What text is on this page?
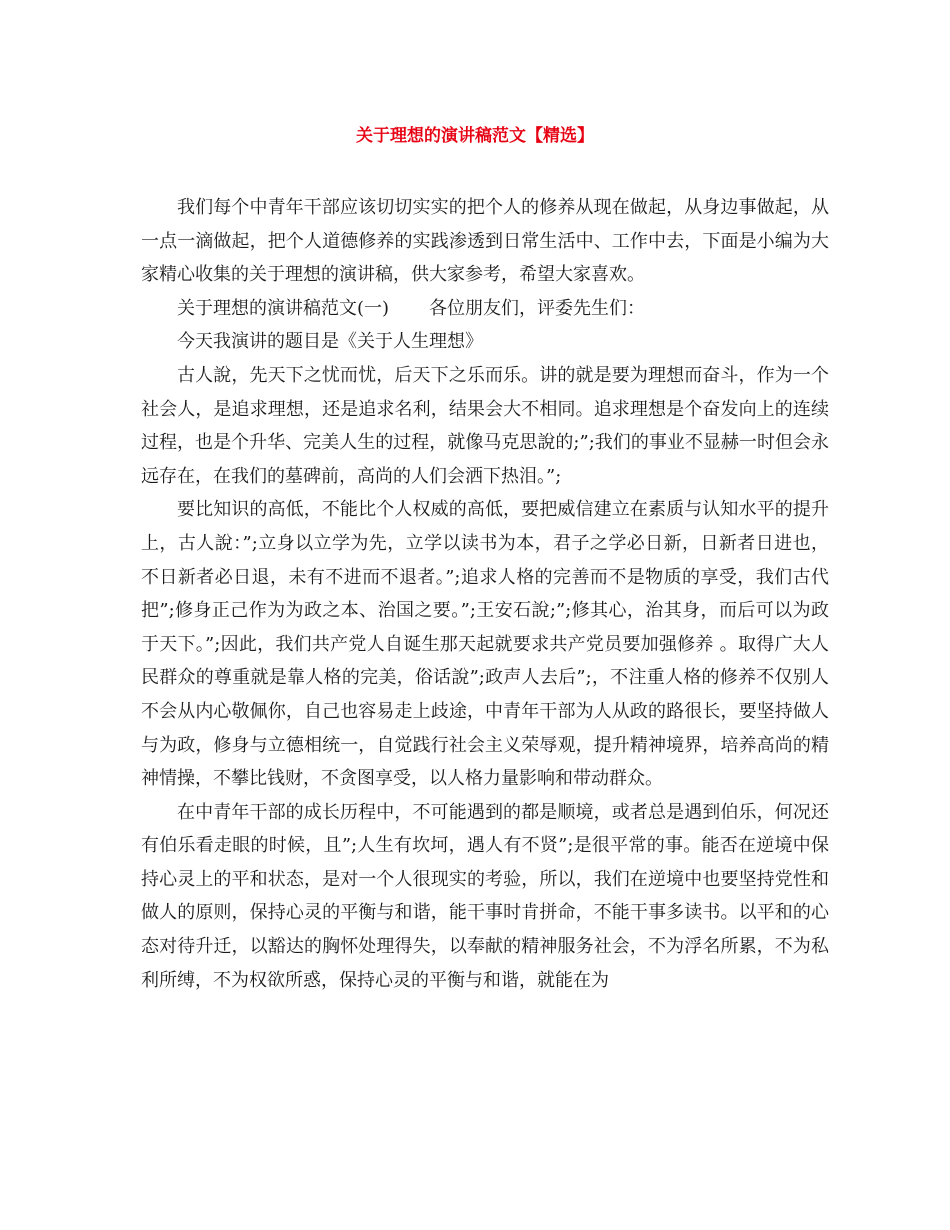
关于理想的演讲稿范文【精选】

我们每个中青年干部应该切切实实的把个人的修养从现在做起，从身边事做起，从一点一滴做起，把个人道德修养的实践渗透到日常生活中、工作中去，下面是小编为大家精心收集的关于理想的演讲稿，供大家参考，希望大家喜欢。

关于理想的演讲稿范文(一) 各位朋友们，评委先生们：

今天我演讲的题目是《关于人生理想》

古人說，先天下之忧而忧，后天下之乐而乐。讲的就是要为理想而奋斗，作为一个社会人，是追求理想，还是追求名利，结果会大不相同。追求理想是个奋发向上的连续过程，也是个升华、完美人生的过程，就像马克思說的;”;我们的事业不显赫一时但会永远存在，在我们的墓碑前，高尚的人们会洒下热泪。”;

要比知识的高低，不能比个人权威的高低，要把威信建立在素质与认知水平的提升上，古人說：”;立身以立学为先，立学以读书为本，君子之学必日新，日新者日进也，不日新者必日退，未有不进而不退者。”;追求人格的完善而不是物质的享受，我们古代把”;修身正己作为为政之本、治国之要。”;王安石說;”;修其心，治其身，而后可以为政于天下。”;因此，我们共产党人自诞生那天起就要求共产党员要加强修养 。取得广大人民群众的尊重就是靠人格的完美，俗话說”;政声人去后”;，不注重人格的修养不仅别人不会从内心敬佩你，自己也容易走上歧途，中青年干部为人从政的路很长，要坚持做人与为政，修身与立德相统一，自觉践行社会主义荣辱观，提升精神境界，培养高尚的精神情操，不攀比钱财，不贪图享受，以人格力量影响和带动群众。

在中青年干部的成长历程中，不可能遇到的都是顺境，或者总是遇到伯乐，何况还有伯乐看走眼的时候，且”;人生有坎坷，遇人有不贤”;是很平常的事。能否在逆境中保持心灵上的平和状态，是对一个人很现实的考验，所以，我们在逆境中也要坚持党性和做人的原则，保持心灵的平衡与和谐，能干事时肯拼命，不能干事多读书。以平和的心态对待升迁，以豁达的胸怀处理得失，以奉献的精神服务社会，不为浮名所累，不为私利所缚，不为权欲所惑，保持心灵的平衡与和谐，就能在为
